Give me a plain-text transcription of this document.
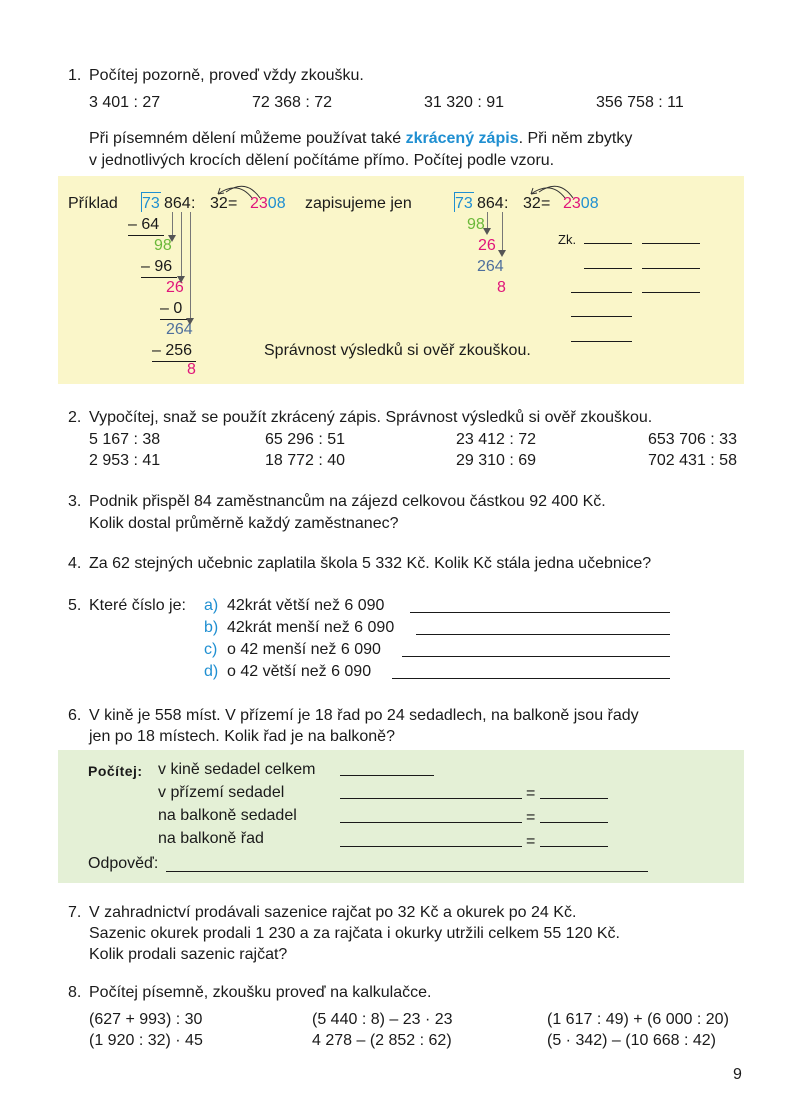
1. Počítej pozorně, proveď vždy zkoušku.
3 401 : 27	72 368 : 72	31 320 : 91	356 758 : 11
Při písemném dělení můžeme používat také zkrácený zápis. Při něm zbytky
v jednotlivých krocích dělení počítáme přímo. Počítej podle vzoru.
Příklad 73 864 : 32 = 2308
– 64
98
– 96
26
– 0
264
– 256
8
zapisujeme jen	73 864 : 32 = 2308
98
26
264
8
Zk.
Správnost výsledků si ověř zkouškou.
2. Vypočítej, snaž se použít zkrácený zápis. Správnost výsledků si ověř zkouškou.
5 167 : 38	65 296 : 51	23 412 : 72	653 706 : 33
2 953 : 41	18 772 : 40	29 310 : 69	702 431 : 58
3. Podnik přispěl 84 zaměstnancům na zájezd celkovou částkou 92 400 Kč.
Kolik dostal průměrně každý zaměstnanec?
4. Za 62 stejných učebnic zaplatila škola 5 332 Kč. Kolik Kč stála jedna učebnice?
5. Které číslo je: a) 42krát větší než 6 090
b) 42krát menší než 6 090
c) o 42 menší než 6 090
d) o 42 větší než 6 090
6. V kině je 558 míst. V přízemí je 18 řad po 24 sedadlech, na balkoně jsou řady
jen po 18 místech. Kolik řad je na balkoně?
Počítej: v kině sedadel celkem
v přízemí sedadel	=
na balkoně sedadel	=
na balkoně řad	=
Odpověď:
7. V zahradnictví prodávali sazenice rajčat po 32 Kč a okurek po 24 Kč.
Sazenic okurek prodali 1 230 a za rajčata i okurky utržili celkem 55 120 Kč.
Kolik prodali sazenic rajčat?
8. Počítej písemně, zkoušku proveď na kalkulačce.
(627 + 993) : 30	(5 440 : 8) – 23 · 23	(1 617 : 49) + (6 000 : 20)
(1 920 : 32) · 45	4 278 – (2 852 : 62)	(5 · 342) – (10 668 : 42)
9
